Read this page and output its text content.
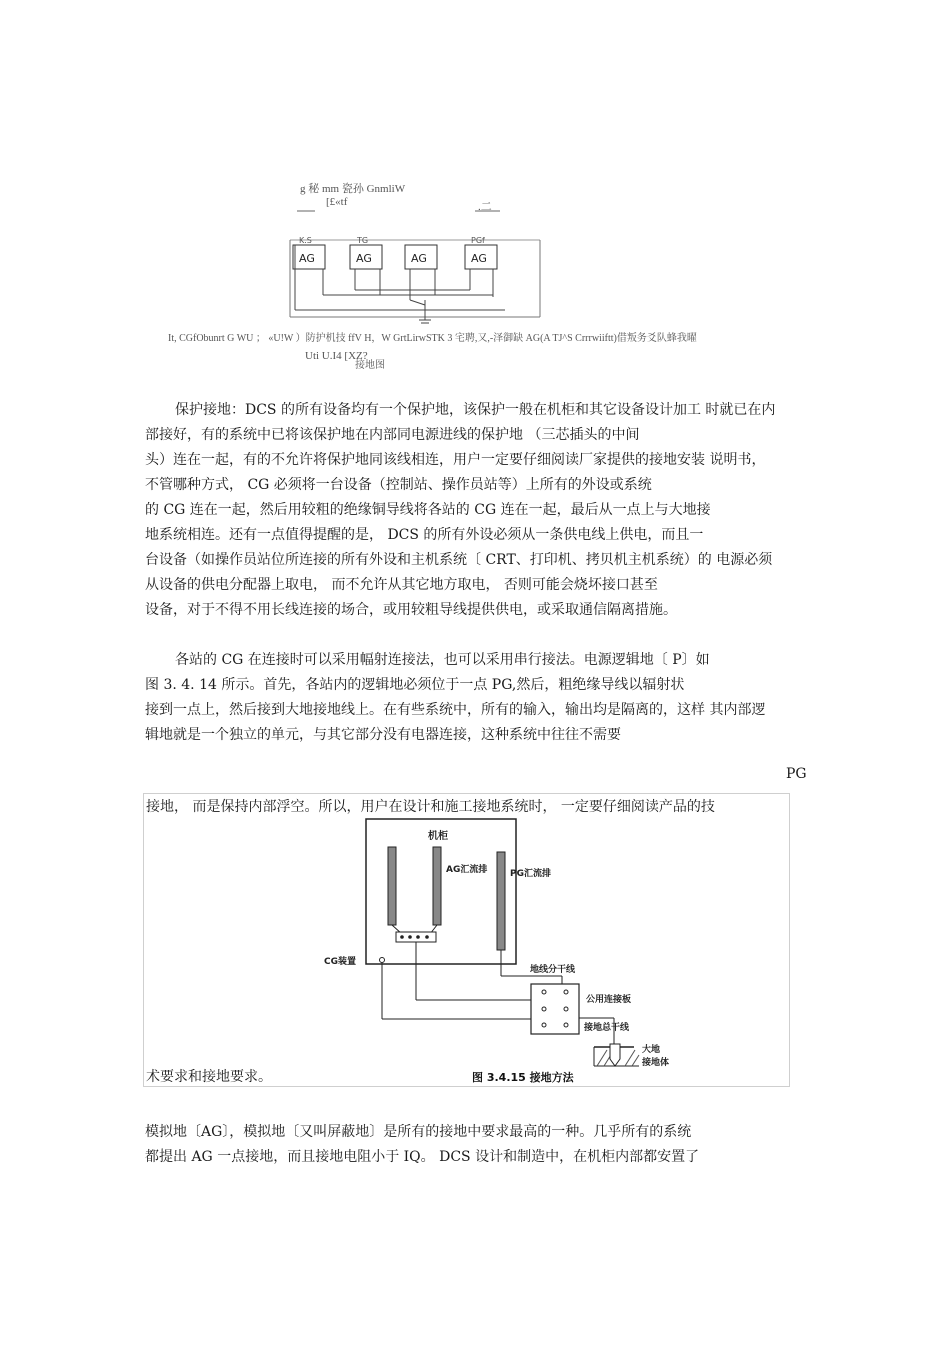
g 秘 mm 瓷孙 GnmliW
[£«tf	.二
AG	AG	AG	AG
K.S	TG	PGf
It, CGfObunrt G WU ； «U!W ）防护机技 ffV H，W GrtLirwSTK 3 宅聘,又,-泽御缺 AG(A TJ^S Crrrwiiftt)借叛务爻队蜂我曜
Uti U.I4 [XZ?
接地图
保护接地：DCS 的所有设备均有一个保护地，该保护一般在机柜和其它设备设计加工 时就已在内
部接好，有的系统中已将该保护地在内部同电源进线的保护地 （三芯插头的中间
头）连在一起，有的不允许将保护地同该线相连，用户一定要仔细阅读厂家提供的接地安装 说明书，
不管哪种方式， CG 必须将一台设备（控制站、操作员站等）上所有的外设或系统
的 CG 连在一起，然后用较粗的绝缘铜导线将各站的 CG 连在一起，最后从一点上与大地接
地系统相连。还有一点值得提醒的是， DCS 的所有外设必须从一条供电线上供电，而且一
台设备（如操作员站位所连接的所有外设和主机系统〔 CRT、打印机、拷贝机主机系统）的 电源必须
从设备的供电分配器上取电， 而不允许从其它地方取电， 否则可能会烧坏接口甚至
设备，对于不得不用长线连接的场合，或用较粗导线提供供电，或采取通信隔离措施。
各站的 CG 在连接时可以采用幅射连接法，也可以采用串行接法。电源逻辑地〔 P〕如
图 3. 4. 14 所示。首先，各站内的逻辑地必须位于一点 PG,然后，粗绝缘导线以辐射状
接到一点上，然后接到大地接地线上。在有些系统中，所有的输入，输出均是隔离的，这样 其内部逻
辑地就是一个独立的单元，与其它部分没有电器连接，这种系统中往往不需要
PG
接地， 而是保持内部浮空。所以，用户在设计和施工接地系统时， 一定要仔细阅读产品的技
术要求和接地要求。
机柜
AG汇流排	PG汇流排
CG装置
地线分干线
公用连接板
接地总干线
大地
接地体
图 3.4.15 接地方法
模拟地〔AG〕，模拟地〔又叫屏蔽地〕是所有的接地中要求最高的一种。几乎所有的系统
都提出 AG 一点接地，而且接地电阻小于 IQ。 DCS 设计和制造中，在机柜内部都安置了
